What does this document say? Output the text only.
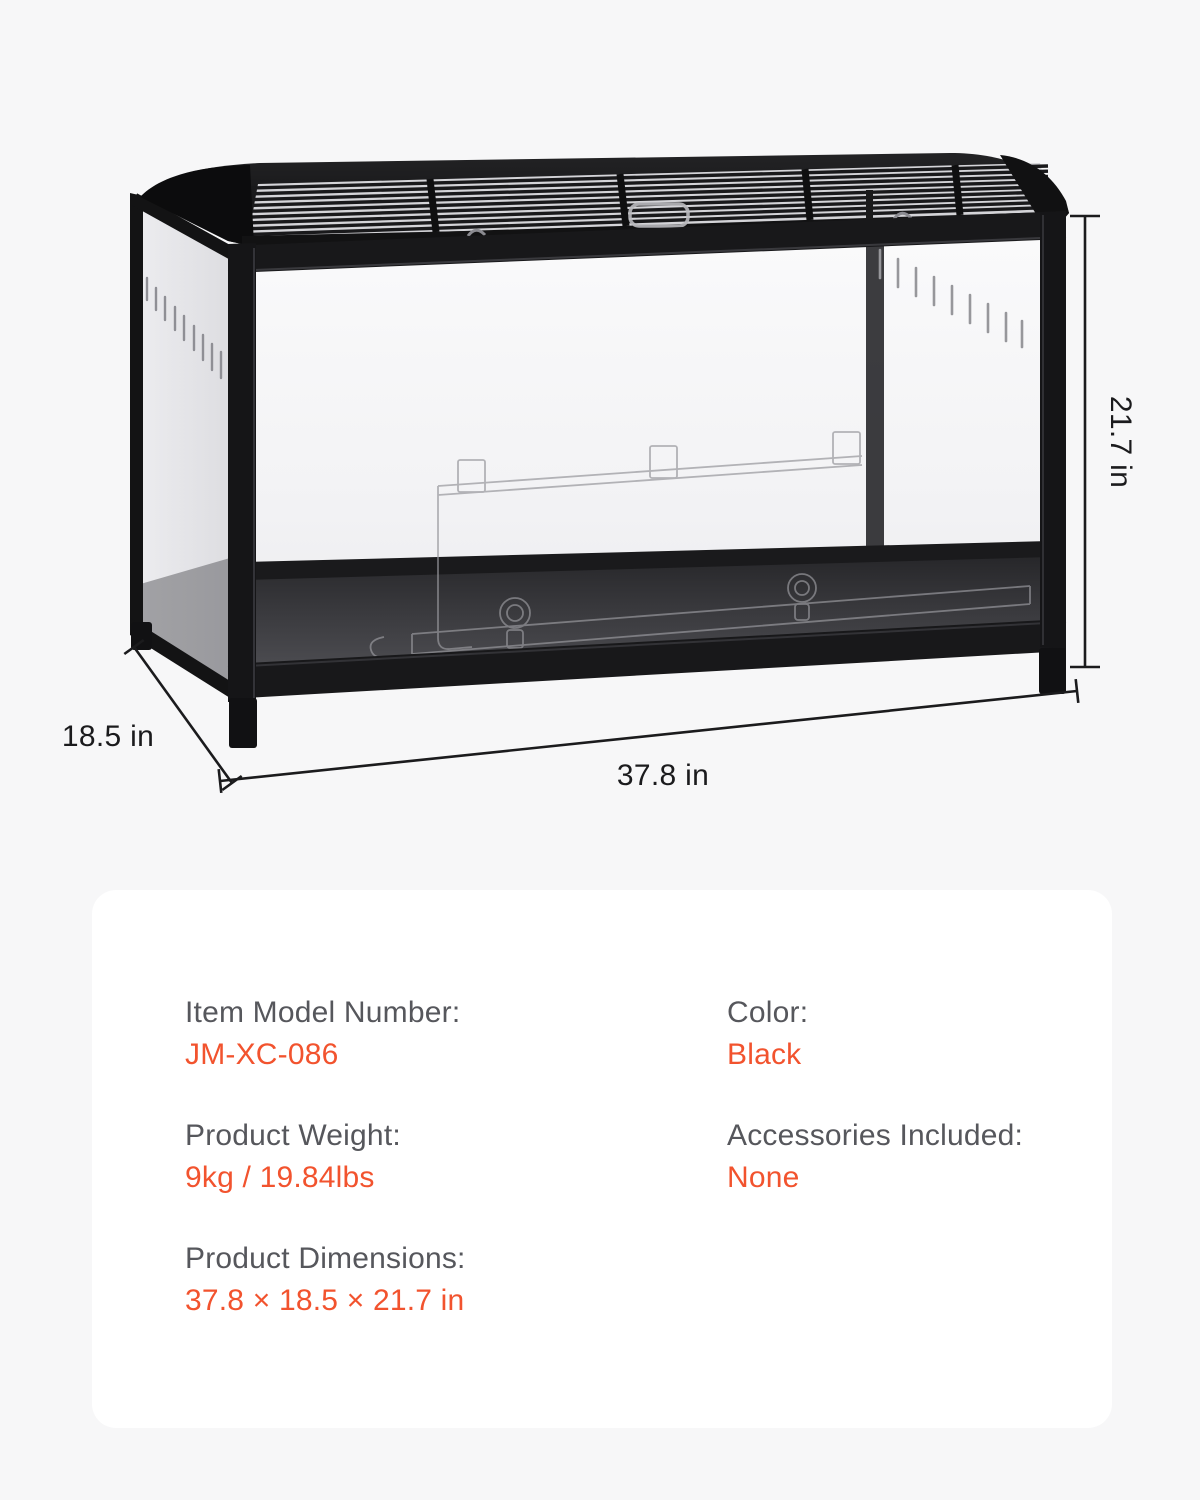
21.7 in
37.8 in
18.5 in
Item Model Number:
JM-XC-086
Product Weight:
9kg / 19.84lbs
Product Dimensions:
37.8 × 18.5 × 21.7 in
Color:
Black
Accessories Included:
None
